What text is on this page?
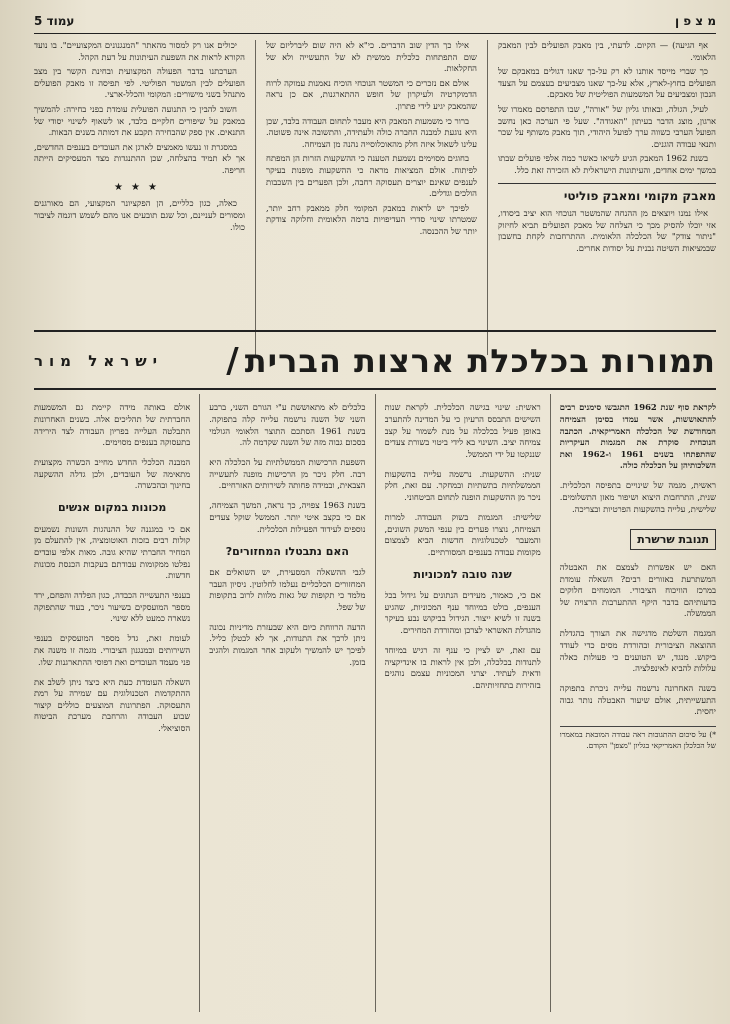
מ צ פ ן
עמוד 5

אף הגיעה) — הקיום. לדעתי, בין מאבק הפועלים לבין המאבק הלאומי.

כך שברי מייסד אותנו לא רק על-כך שאנו דגולים במאבקם של הפועלים בחוץ-לארץ, אלא על-כך שאנו מצביעים בעצמם על הצעד הנכון ומצביעים על המשמעות הפוליטית של מאבקם.

לעיל, הגולה, ובאותו גליון של "אורה", שבו התפרסם מאמרו של ארגון, מוצג הדבר בעיתון "האגודה". שעל פי הערכה כאן נחשב הפועל הערבי כשווה ערך לפועל היהודי, תוך מאבק משותף על שכר ותנאי עבודה הוגנים.

בשנת 1962 המאבק הגיע לשיאו כאשר כמה אלפי פועלים שבתו במשך ימים אחדים, והעיתונות הישראלית לא הזכירה זאת כלל.

מאבק מקומי ומאבק פוליטי

אילו נמנו ויוצאים מן ההנחה שהמשטר הנוכחי הוא יציב ביסודו, אזי יוכלו להסיק מכך כי הצלחה של מאבק הפועלים תביא לחיזוק "ניתור צודק" של הכלכלה הלאומית. ההתרחבות לקחת בחשבון שבמציאות השיטה נבנית על יסודות אחרים.

אילו כך הדין שוב הדברים. כי"א לא היה שום ליברליזם של שום התפתחות כלכלית ממשית לא של התעשייה ולא של החקלאות.

אולם אם נזכרים כי המשטר הנוכחי הוכיח נאמנות עמוקה לרוח הדמוקרטיה ולעיקרון של חופש ההתארגנות, אם כן נראה שהמאבק יגיע לידי פתרון.

ברור כי משמעות המאבק היא מעבר לתחום העבודה בלבד, שכן היא נוגעת למבנה החברה כולה ולעתידה, והתשובה אינה פשוטה. עלינו לשאול איזה חלק מהאוכלוסייה נהנה מן הצמיחה.

בחוגים מסוימים נשמעת הטענה כי ההשקעות הזרות הן המפתח לפיתוח. אולם המציאות מראה כי ההשקעות מופנות בעיקר לענפים שאינם יוצרים תעסוקה רחבה, ולכן הפערים בין השכבות הולכים וגדלים.

לפיכך יש לראות במאבק המקומי חלק ממאבק רחב יותר, שמטרתו שינוי סדרי העדיפויות ברמה הלאומית וחלוקה צודקת יותר של ההכנסה.

יכולים אנו רק למסור מהאתר "המנגנונים המקצועיים". בו נועד הקורא לראות את השפעת העיתונות על דעת הקהל.

הערכתנו בדבר הפעולה המקצועית ובחינת הקשר בין מצב הפועלים לבין המשטר הפוליטי. לפי תפיסה זו מאבק הפועלים מתנהל בשני מישורים: המקומי והכלל-ארצי.

חשוב להבין כי התנועה הפועלית עומדת בפני בחירה: להמשיך במאבק על שיפורים חלקיים בלבד, או לשאוף לשינוי יסודי של התנאים. אין ספק שהבחירה תקבע את דמותה בשנים הבאות.

במסגרת זו נעשו מאמצים לארגן את העובדים בענפים החדשים, אך לא תמיד בהצלחה, שכן ההתנגדות מצד המעסיקים הייתה חריפה.

★★★

כאלה, כגון כלליים, הן הפקציונר המקצועי, הם מאורגנים ומסורים לעניינם, וכל שגם תובעים אנו מהם לשמש דוגמה לציבור כולו.

תמורות בכלכלת ארצות הברית /
ישראל מור

לקראת סוף שנת 1962 התגבשו סימנים רבים להתאוששות, אשר עמדו בסימן הצמיחה המחודשת של הכלכלה האמריקאית. הכתבה הנוכחית סוקרת את המגמות העיקריות שהתפתחו בשנים 1961 ו-1962 ואת השלכותיהן על הכלכלה כולה.

ראשית, מגמה של שינויים בתפיסה הכלכלית. שנית, התרחבות היצוא ושיפור מאזן התשלומים. שלישית, עלייה בהשקעות הפרטיות ובצריכה.

תנובת שרשרת

האם יש אפשרות לצמצם את האבטלה המשתרעת באזורים רבים? השאלה עומדת במרכז הוויכוח הציבורי. המומחים חלוקים בדעותיהם בדבר היקף ההתערבות הרצויה של הממשלה.

המגמה השלטת מדגישה את הצורך בהגדלת ההוצאה הציבורית ובהורדת מסים כדי לעודד ביקוש. מנגד, יש הטוענים כי פעולות כאלה עלולות להביא לאינפלציה.

בשנה האחרונה נרשמה עלייה ניכרת בתפוקה התעשייתית, אולם שיעור האבטלה נותר גבוה יחסית.

*) על סיכום ההתגובות ראה עבודה המובאת במאמרו של הכלכלן האמריקאי בגליון "מצפן" הקודם.

ראשית: שינוי בגישה הכלכלית. לקראת שנות השישים התבסס הרעיון כי על המדינה להתערב באופן פעיל בכלכלה על מנת לשמור על קצב צמיחה יציב. השינוי בא לידי ביטוי בשורת צעדים שננקטו על ידי הממשל.

שנית: ההשקעות. נרשמה עלייה בהשקעות הממשלתיות בתשתיות ובמחקר. עם זאת, חלק ניכר מן ההשקעות הופנה לתחום הביטחוני.

שלישית: המגמות בשוק העבודה. למרות הצמיחה, נוצרו פערים בין ענפי המשק השונים, והמעבר לטכנולוגיות חדשות הביא לצמצום מקומות עבודה בענפים המסורתיים.

שנה טובה למכוניות

אם כי, כאמור, מעידים הנתונים על גידול בכל הענפים, בולט במיוחד ענף המכוניות, שהגיע בשנה זו לשיא ייצור. הגידול בביקוש נבע בעיקר מהגדלת האשראי לצרכן ומהורדת המחירים.

עם זאת, יש לציין כי ענף זה רגיש במיוחד לתנודות בכלכלה, ולכן אין לראות בו אינדיקציה ודאית לעתיד. יצרני המכוניות עצמם נוהגים בזהירות בתחזיותיהם.

כלכלים לא מתאוששת ע"י הגורם השני, ברבע השני של השנה נרשמה עלייה קלה בתפוקה. בשנת 1961 הסתכם התוצר הלאומי הגולמי בסכום גבוה מזה של השנה שקדמה לה.

השפעת הרכישות הממשלתיות על הכלכלה היא רבה. חלק ניכר מן הרכישות מופנה לתעשייה הצבאית, ובמידה פחותה לשירותים האזרחיים.

בשנת 1963 צפויה, כך נראה, המשך הצמיחה, אם כי בקצב איטי יותר. הממשל שוקל צעדים נוספים לעידוד הפעילות הכלכלית.

האם נתבטלו המחזורים?

לגבי ההשאלה המסעירת, יש השואלים אם המחזורים הכלכליים נעלמו לחלוטין. ניסיון העבר מלמד כי תקופות של גאות מלוות לרוב בתקופות של שפל.

הדעה הרווחת כיום היא שבעזרת מדיניות נכונה ניתן לרכך את התנודות, אך לא לבטלן כליל. לפיכך יש להמשיך ולעקוב אחר המגמות ולהגיב בזמן.

אולם באותה מידה קיימת גם המשמעות החברתית של תהליכים אלה. בשנים האחרונות התבלטה העלייה בפריון העבודה לצד הירידה בתעסוקה בענפים מסוימים.

המבנה הכלכלי החדש מחייב הכשרה מקצועית מתאימה של העובדים, ולכן גדלה ההשקעה בחינוך ובהכשרה.

מכונות במקום אנשים

אם כי במגננה של ההנהגות השונות נשמעים קולות רבים בזכות האוטומציה, אין להתעלם מן המחיר החברתי שהיא גובה. מאות אלפי עובדים נפלטו ממקומות עבודתם בעקבות הכנסת מכונות חדשות.

בענפי התעשייה הכבדה, כגון הפלדה והפחם, ירד מספר המועסקים בשיעור ניכר, בעוד שהתפוקה נשארה כמעט ללא שינוי.

לעומת זאת, גדל מספר המועסקים בענפי השירותים ובמנגנון הציבורי. מגמה זו משנה את פני מעמד העובדים ואת דפוסי ההתארגנות שלו.

השאלה העומדת כעת היא כיצד ניתן לשלב את ההתקדמות הטכנולוגית עם שמירה על רמת התעסוקה. הפתרונות המוצעים כוללים קיצור שבוע העבודה והרחבת מערכת הביטוח הסוציאלי.
